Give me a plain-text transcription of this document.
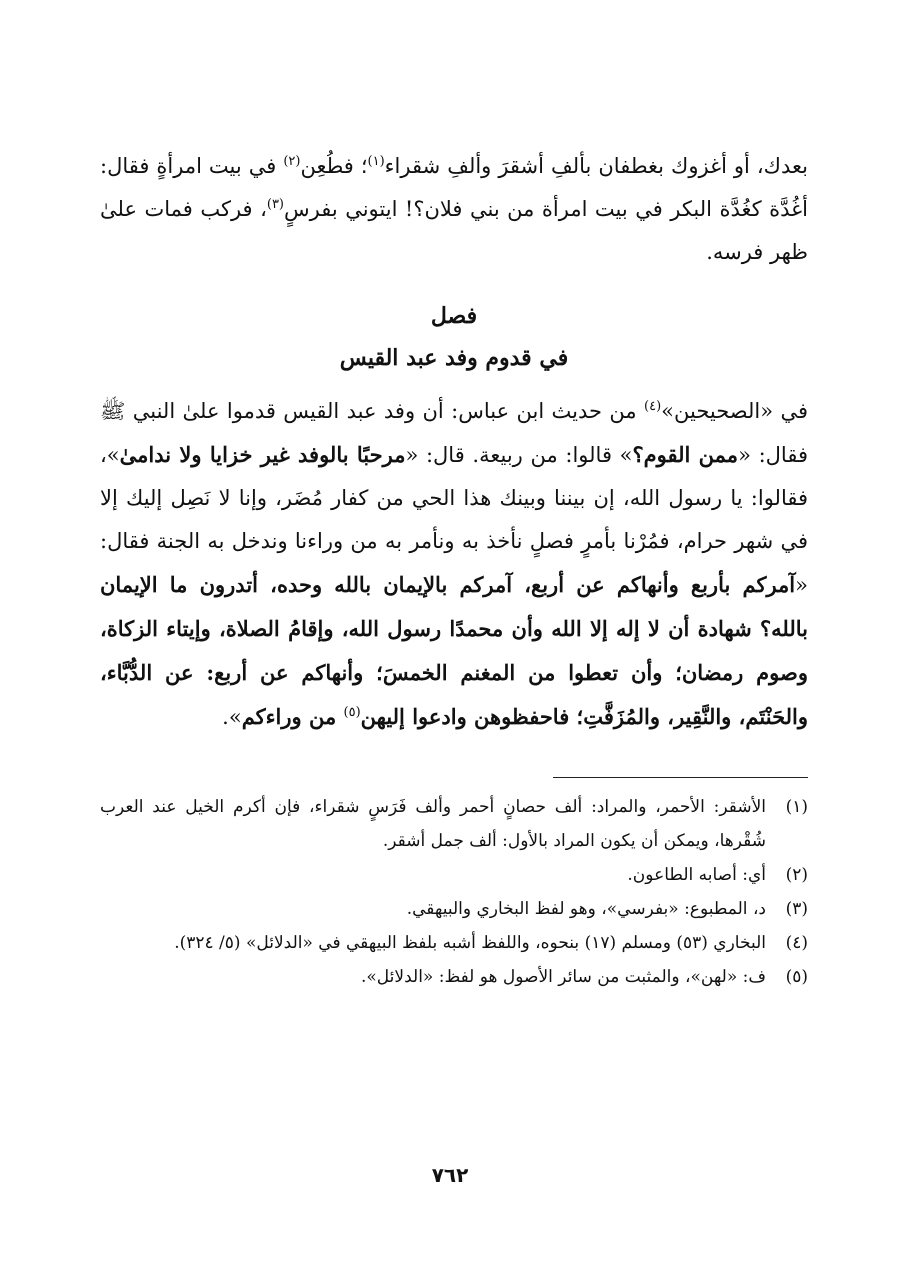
بعدك، أو أغزوك بغطفان بألفِ أشقرَ وألفِ شقراء$^{(١)}$؛ فطُعِن$^{(٢)}$ في بيت امرأةٍ فقال: أغُدَّة كغُدَّة البكر في بيت امرأة من بني فلان؟! ايتوني بفرسٍ$^{(٣)}$، فركب فمات علىٰ ظهر فرسه.

فصل
في قدوم وفد عبد القيس

في «الصحيحين»$^{(٤)}$ من حديث ابن عباس: أن وفد عبد القيس قدموا علىٰ النبي ﷺ فقال: «ممن القوم؟» قالوا: من ربيعة. قال: «مرحبًا بالوفد غير خزايا ولا ندامىٰ»، فقالوا: يا رسول الله، إن بيننا وبينك هذا الحي من كفار مُضَر، وإنا لا نَصِل إليك إلا في شهر حرام، فمُرْنا بأمرٍ فصلٍ نأخذ به ونأمر به من وراءنا وندخل به الجنة فقال: «آمركم بأربع وأنهاكم عن أربع، آمركم بالإيمان بالله وحده، أتدرون ما الإيمان بالله؟ شهادة أن لا إله إلا الله وأن محمدًا رسول الله، وإقامُ الصلاة، وإيتاء الزكاة، وصوم رمضان؛ وأن تعطوا من المغنم الخمسَ؛ وأنهاكم عن أربع: عن الدُّبَّاء، والحَنْتَم، والنَّقِير، والمُزَفَّتِ؛ فاحفظوهن وادعوا إليهن$^{(٥)}$ من وراءكم».

(١)
الأشقر: الأحمر، والمراد: ألف حصانٍ أحمر وألف فَرَسٍ شقراء، فإن أكرم الخيل عند العرب شُقْرها، ويمكن أن يكون المراد بالأول: ألف جمل أشقر.
(٢)
أي: أصابه الطاعون.
(٣)
د، المطبوع: «بفرسي»، وهو لفظ البخاري والبيهقي.
(٤)
البخاري (٥٣) ومسلم (١٧) بنحوه، واللفظ أشبه بلفظ البيهقي في «الدلائل» (٥/ ٣٢٤).
(٥)
ف: «لهن»، والمثبت من سائر الأصول هو لفظ: «الدلائل».
٧٦٢
